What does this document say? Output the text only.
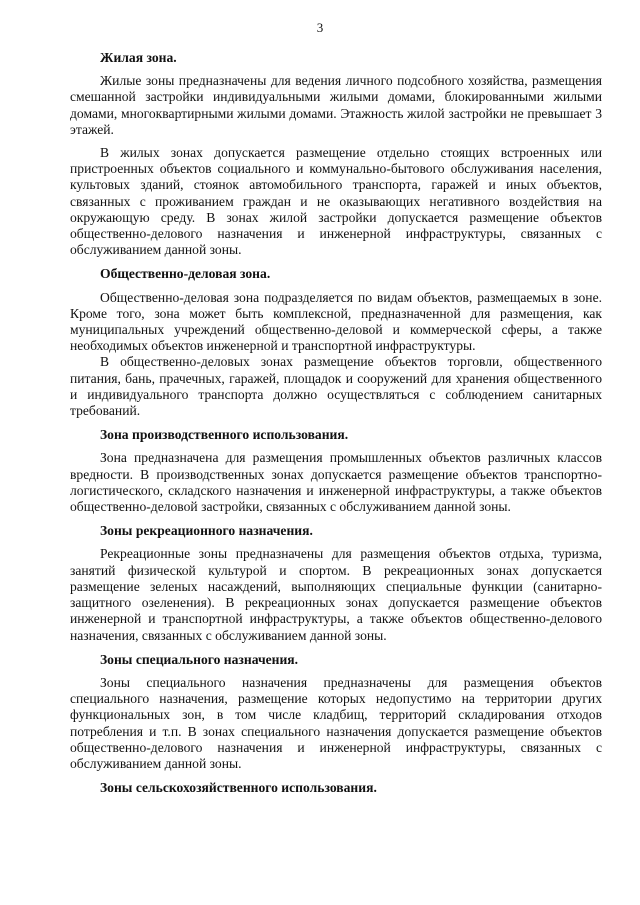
3
Жилая зона.

Жилые зоны предназначены для ведения личного подсобного хозяйства, размещения смешанной застройки индивидуальными жилыми домами, блокированными жилыми домами, многоквартирными жилыми домами. Этажность жилой застройки не превышает 3 этажей.

В жилых зонах допускается размещение отдельно стоящих встроенных или пристроенных объектов социального и коммунально-бытового обслуживания населения, культовых зданий, стоянок автомобильного транспорта, гаражей и иных объектов, связанных с проживанием граждан и не оказывающих негативного воздействия на окружающую среду. В зонах жилой застройки допускается размещение объектов общественно-делового назначения и инженерной инфраструктуры, связанных с обслуживанием данной зоны.

Общественно-деловая зона.

Общественно-деловая зона подразделяется по видам объектов, размещаемых в зоне. Кроме того, зона может быть комплексной, предназначенной для размещения, как муниципальных учреждений общественно-деловой и коммерческой сферы, а также необходимых объектов инженерной и транспортной инфраструктуры.

В общественно-деловых зонах размещение объектов торговли, общественного питания, бань, прачечных, гаражей, площадок и сооружений для хранения общественного и индивидуального транспорта должно осуществляться с соблюдением санитарных требований.

Зона производственного использования.

Зона предназначена для размещения промышленных объектов различных классов вредности. В производственных зонах допускается размещение объектов транспортно-логистического, складского назначения и инженерной инфраструктуры, а также объектов общественно-деловой застройки, связанных с обслуживанием данной зоны.

Зоны рекреационного назначения.

Рекреационные зоны предназначены для размещения объектов отдыха, туризма, занятий физической культурой и спортом. В рекреационных зонах допускается размещение зеленых насаждений, выполняющих специальные функции (санитарно-защитного озеленения). В рекреационных зонах допускается размещение объектов инженерной и транспортной инфраструктуры, а также объектов общественно-делового назначения, связанных с обслуживанием данной зоны.

Зоны специального назначения.

Зоны специального назначения предназначены для размещения объектов специального назначения, размещение которых недопустимо на территории других функциональных зон, в том числе кладбищ, территорий складирования отходов потребления и т.п. В зонах специального назначения допускается размещение объектов общественно-делового назначения и инженерной инфраструктуры, связанных с обслуживанием данной зоны.

Зоны сельскохозяйственного использования.
